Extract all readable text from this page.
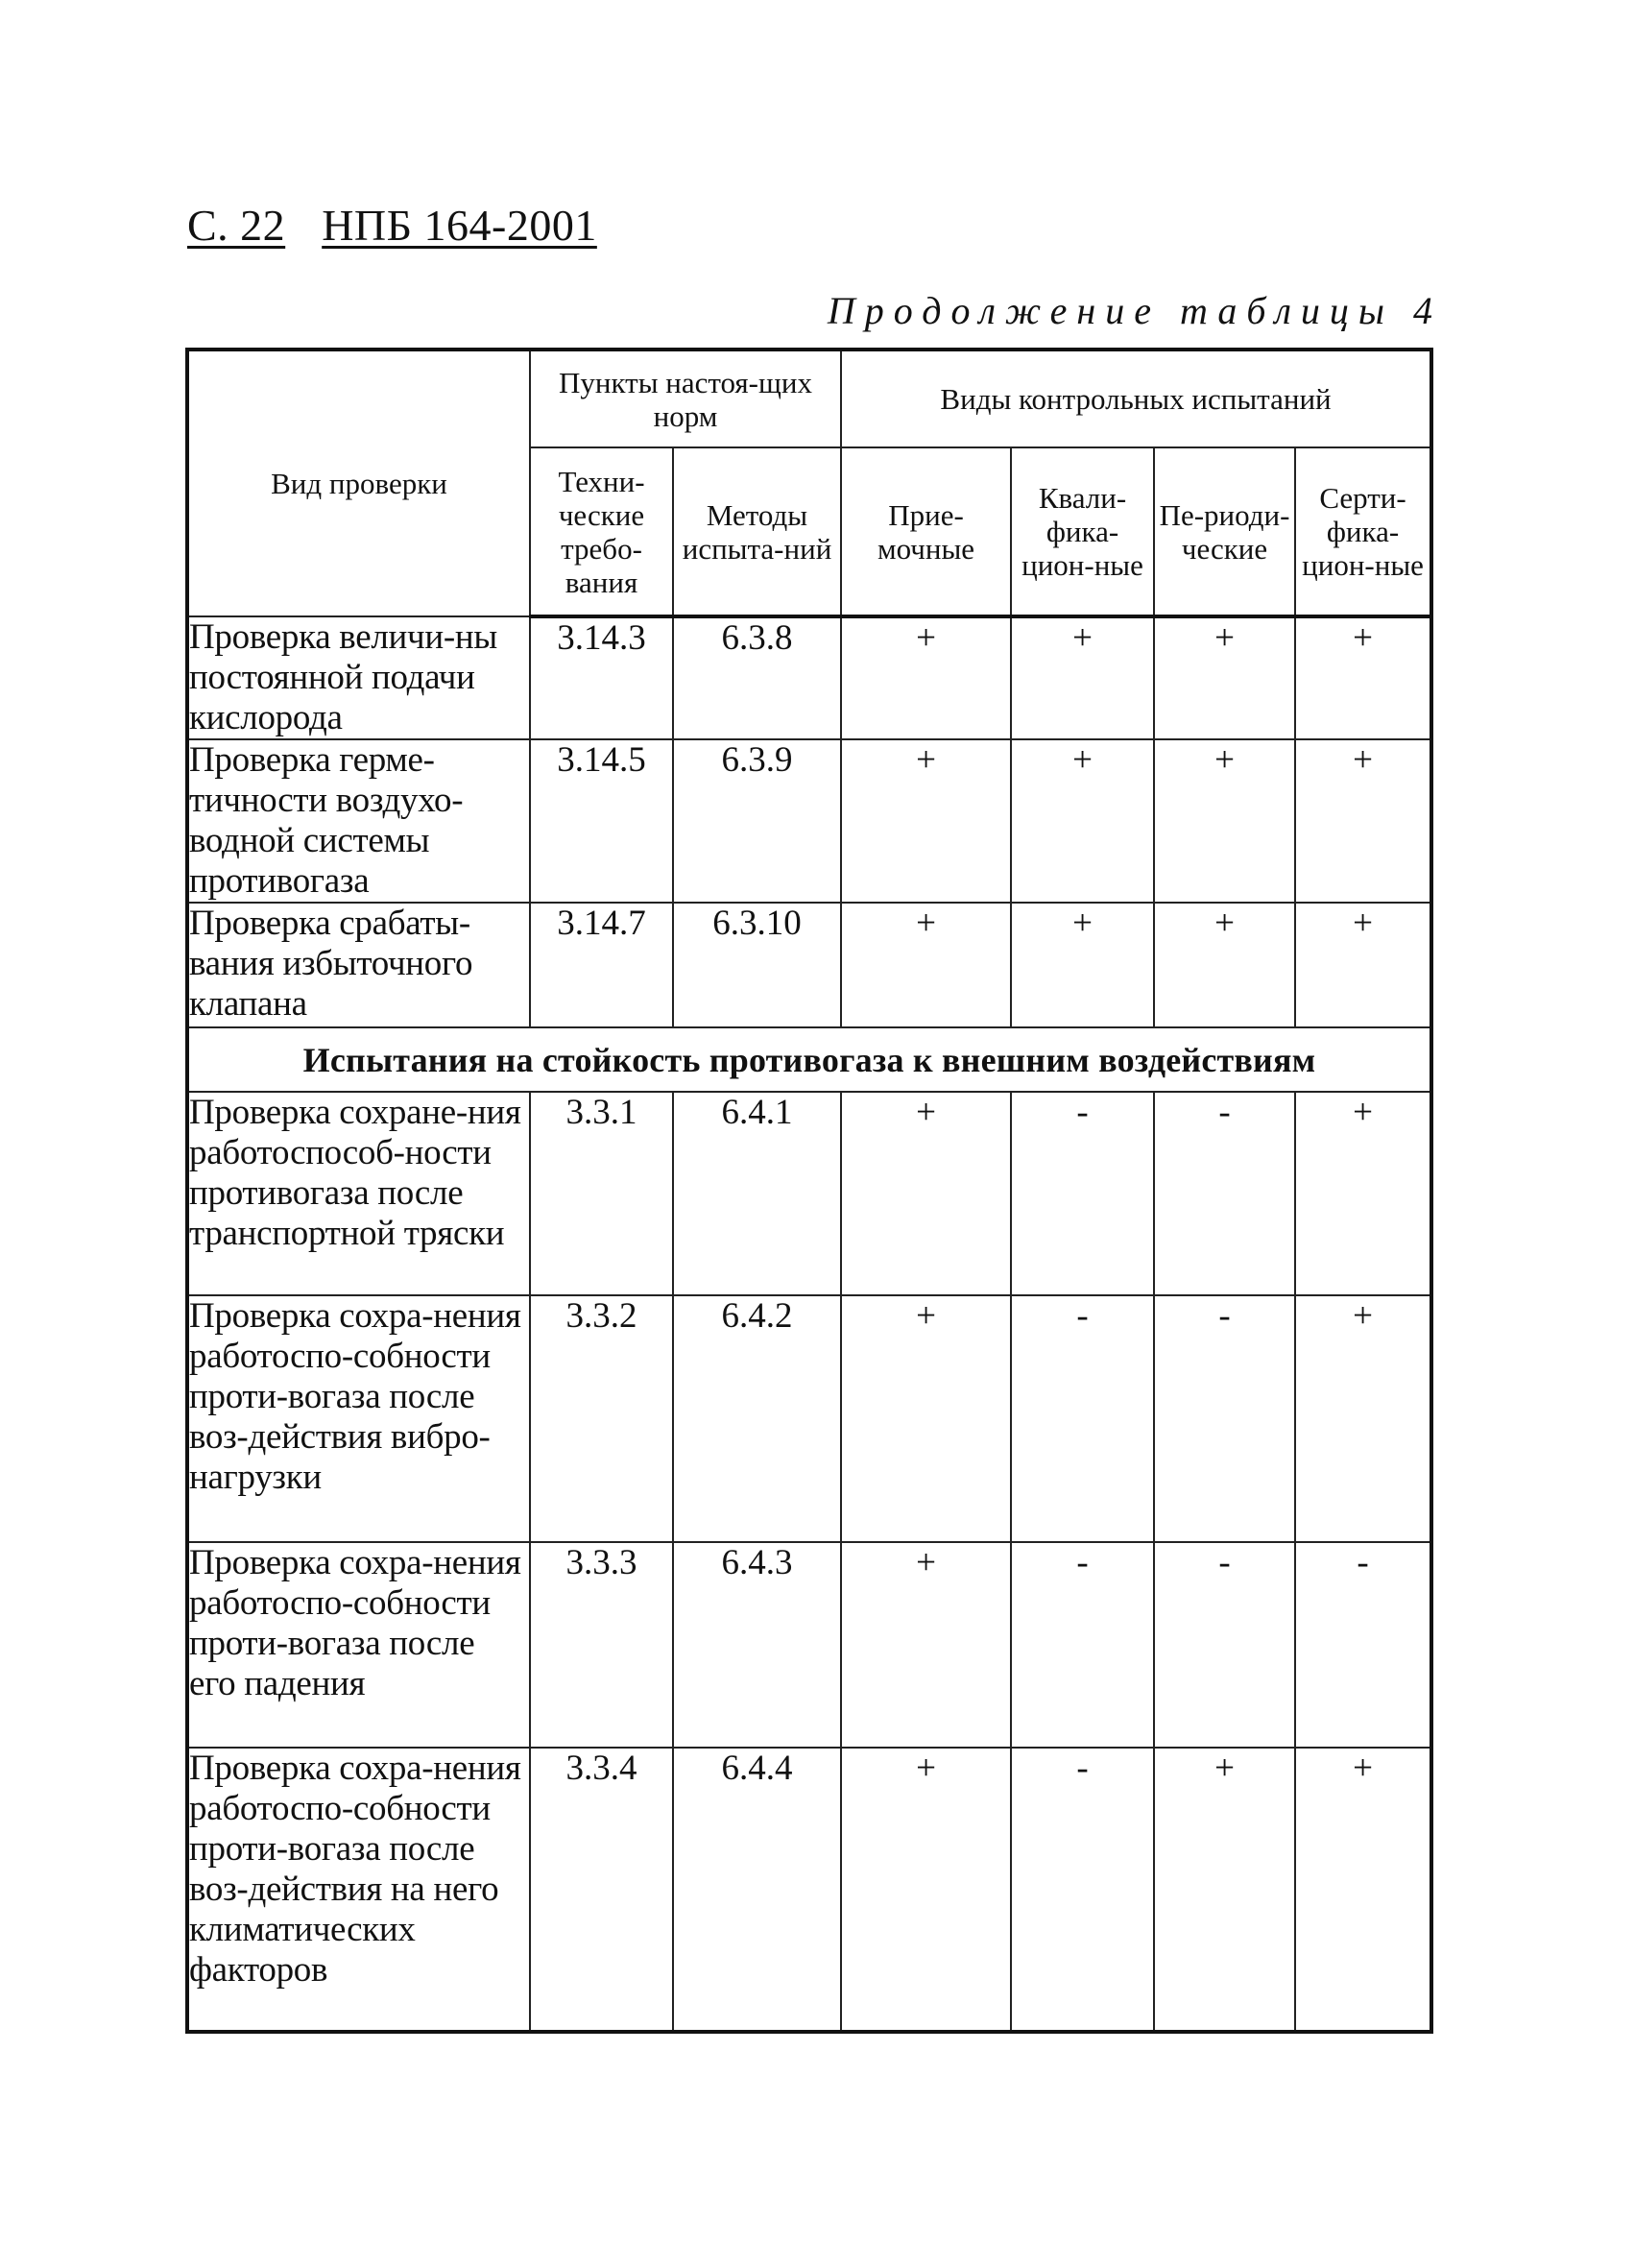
С. 22 НПБ 164-2001
Продолжение таблицы 4
Вид проверки	Пункты настоя-щих норм		Виды контрольных испытаний			
	Техни-ческие требо-вания	Методы испыта-ний	Прие-мочные	Квали-фика-цион-ные	Пе-риоди-ческие	Серти-фика-цион-ные
Проверка величи-ны постоянной подачи кислорода	3.14.3	6.3.8	+	+	+	+
Проверка герме-тичности воздухо-водной системы противогаза	3.14.5	6.3.9	+	+	+	+
Проверка срабаты-вания избыточного клапана	3.14.7	6.3.10	+	+	+	+
Испытания на стойкость противогаза к внешним воздействиям						
Проверка сохране-ния работоспособ-ности противогаза после транспортной тряски	3.3.1	6.4.1	+	-	-	+
Проверка сохра-нения работоспо-собности проти-вогаза после воз-действия вибро-нагрузки	3.3.2	6.4.2	+	-	-	+
Проверка сохра-нения работоспо-собности проти-вогаза после его падения	3.3.3	6.4.3	+	-	-	-
Проверка сохра-нения работоспо-собности проти-вогаза после воз-действия на него климатических факторов	3.3.4	6.4.4	+	-	+	+
